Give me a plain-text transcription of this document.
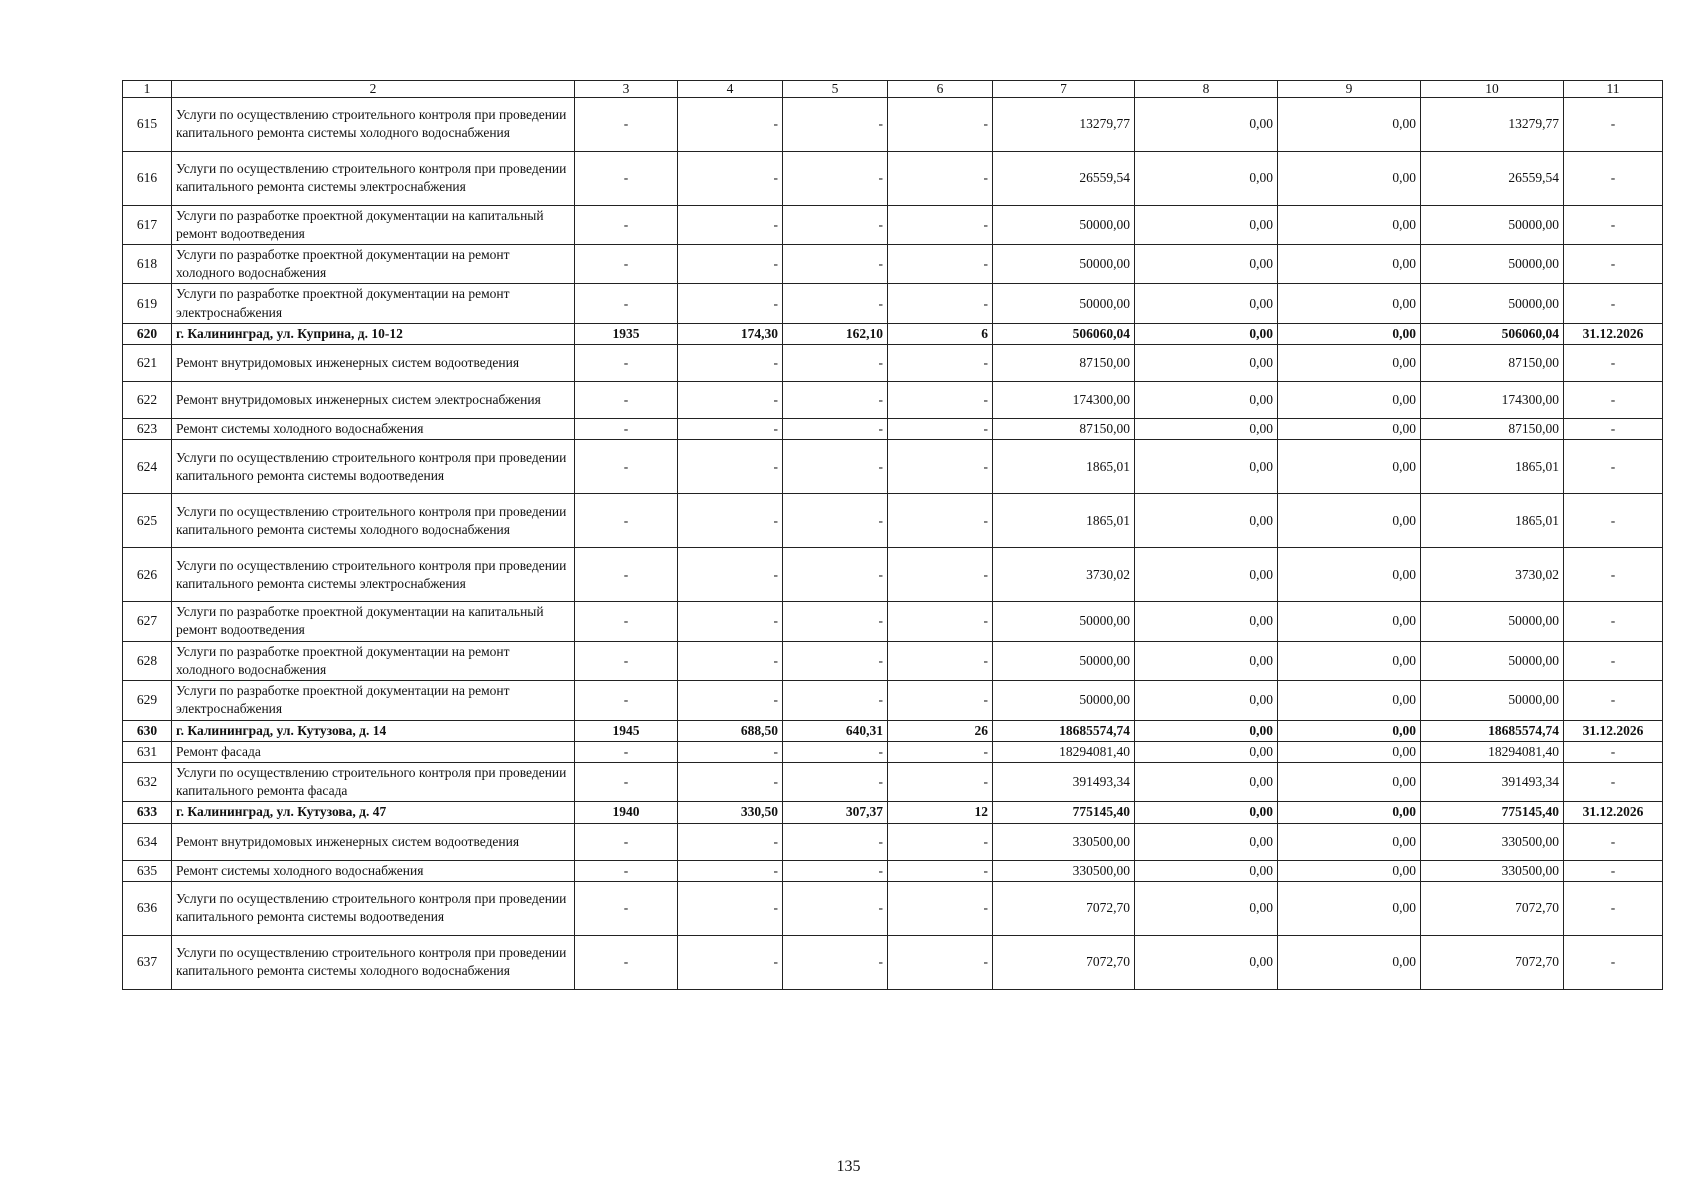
1	2	3	4	5	6	7	8	9	10	11
615	Услуги по осуществлению строительного контроля при проведении капитального ремонта системы холодного водоснабжения	-	-	-	-	13279,77	0,00	0,00	13279,77	-
616	Услуги по осуществлению строительного контроля при проведении капитального ремонта системы электроснабжения	-	-	-	-	26559,54	0,00	0,00	26559,54	-
617	Услуги по разработке проектной документации на капитальный ремонт водоотведения	-	-	-	-	50000,00	0,00	0,00	50000,00	-
618	Услуги по разработке проектной документации на ремонт холодного водоснабжения	-	-	-	-	50000,00	0,00	0,00	50000,00	-
619	Услуги по разработке проектной документации на ремонт электроснабжения	-	-	-	-	50000,00	0,00	0,00	50000,00	-
620	г. Калининград, ул. Куприна, д. 10-12	1935	174,30	162,10	6	506060,04	0,00	0,00	506060,04	31.12.2026
621	Ремонт внутридомовых инженерных систем водоотведения	-	-	-	-	87150,00	0,00	0,00	87150,00	-
622	Ремонт внутридомовых инженерных систем электроснабжения	-	-	-	-	174300,00	0,00	0,00	174300,00	-
623	Ремонт системы холодного водоснабжения	-	-	-	-	87150,00	0,00	0,00	87150,00	-
624	Услуги по осуществлению строительного контроля при проведении капитального ремонта системы водоотведения	-	-	-	-	1865,01	0,00	0,00	1865,01	-
625	Услуги по осуществлению строительного контроля при проведении капитального ремонта системы холодного водоснабжения	-	-	-	-	1865,01	0,00	0,00	1865,01	-
626	Услуги по осуществлению строительного контроля при проведении капитального ремонта системы электроснабжения	-	-	-	-	3730,02	0,00	0,00	3730,02	-
627	Услуги по разработке проектной документации на капитальный ремонт водоотведения	-	-	-	-	50000,00	0,00	0,00	50000,00	-
628	Услуги по разработке проектной документации на ремонт холодного водоснабжения	-	-	-	-	50000,00	0,00	0,00	50000,00	-
629	Услуги по разработке проектной документации на ремонт электроснабжения	-	-	-	-	50000,00	0,00	0,00	50000,00	-
630	г. Калининград, ул. Кутузова, д. 14	1945	688,50	640,31	26	18685574,74	0,00	0,00	18685574,74	31.12.2026
631	Ремонт фасада	-	-	-	-	18294081,40	0,00	0,00	18294081,40	-
632	Услуги по осуществлению строительного контроля при проведении капитального ремонта фасада	-	-	-	-	391493,34	0,00	0,00	391493,34	-
633	г. Калининград, ул. Кутузова, д. 47	1940	330,50	307,37	12	775145,40	0,00	0,00	775145,40	31.12.2026
634	Ремонт внутридомовых инженерных систем водоотведения	-	-	-	-	330500,00	0,00	0,00	330500,00	-
635	Ремонт системы холодного водоснабжения	-	-	-	-	330500,00	0,00	0,00	330500,00	-
636	Услуги по осуществлению строительного контроля при проведении капитального ремонта системы водоотведения	-	-	-	-	7072,70	0,00	0,00	7072,70	-
637	Услуги по осуществлению строительного контроля при проведении капитального ремонта системы холодного водоснабжения	-	-	-	-	7072,70	0,00	0,00	7072,70	-
135
